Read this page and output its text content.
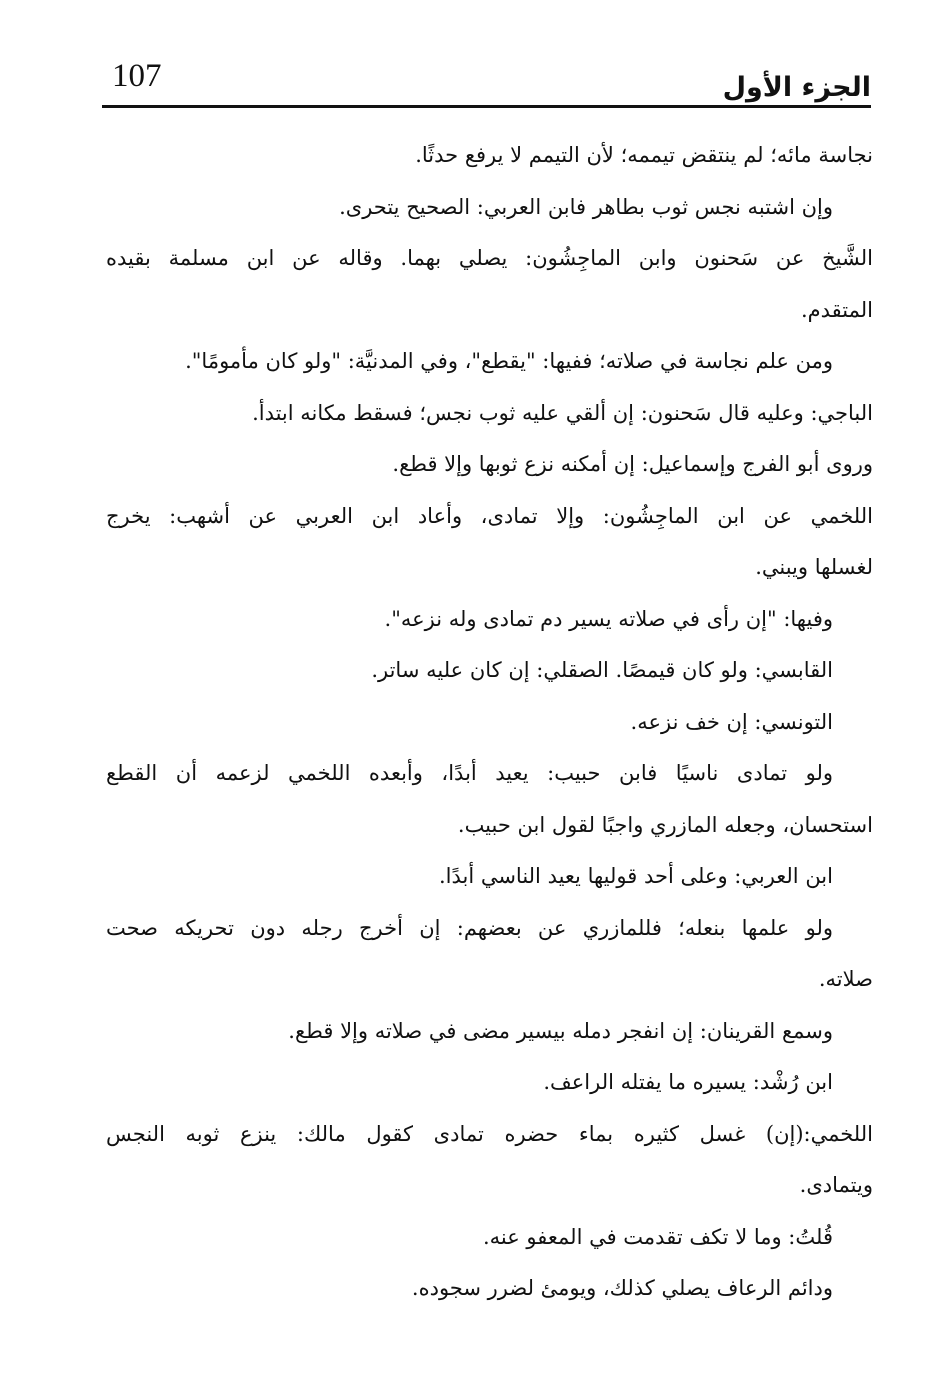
107	الجزء الأول
نجاسة مائه؛ لم ينتقض تيممه؛ لأن التيمم لا يرفع حدثًا.
وإن اشتبه نجس ثوب بطاهر فابن العربي: الصحيح يتحرى.
الشَّيخ عن سَحنون وابن الماجِشُون: يصلي بهما. وقاله عن ابن مسلمة بقيده
المتقدم.
ومن علم نجاسة في صلاته؛ ففيها: "يقطع"، وفي المدنيَّة: "ولو كان مأمومًا".
الباجي: وعليه قال سَحنون: إن ألقي عليه ثوب نجس؛ فسقط مكانه ابتدأ.
وروى أبو الفرج وإسماعيل: إن أمكنه نزع ثوبها وإلا قطع.
اللخمي عن ابن الماجِشُون: وإلا تمادى، وأعاد ابن العربي عن أشهب: يخرج
لغسلها ويبني.
وفيها: "إن رأى في صلاته يسير دم تمادى وله نزعه".
القابسي: ولو كان قيمصًا. الصقلي: إن كان عليه ساتر.
التونسي: إن خف نزعه.
ولو تمادى ناسيًا فابن حبيب: يعيد أبدًا، وأبعده اللخمي لزعمه أن القطع
استحسان، وجعله المازري واجبًا لقول ابن حبيب.
ابن العربي: وعلى أحد قوليها يعيد الناسي أبدًا.
ولو علمها بنعله؛ فللمازري عن بعضهم: إن أخرج رجله دون تحريكه صحت
صلاته.
وسمع القرينان: إن انفجر دمله بيسير مضى في صلاته وإلا قطع.
ابن رُشْد: يسيره ما يفتله الراعف.
اللخمي:(إن) غسل كثيره بماء حضره تمادى كقول مالك: ينزع ثوبه النجس
ويتمادى.
قُلتُ: وما لا تكف تقدمت في المعفو عنه.
ودائم الرعاف يصلي كذلك، ويومئ لضرر سجوده.
